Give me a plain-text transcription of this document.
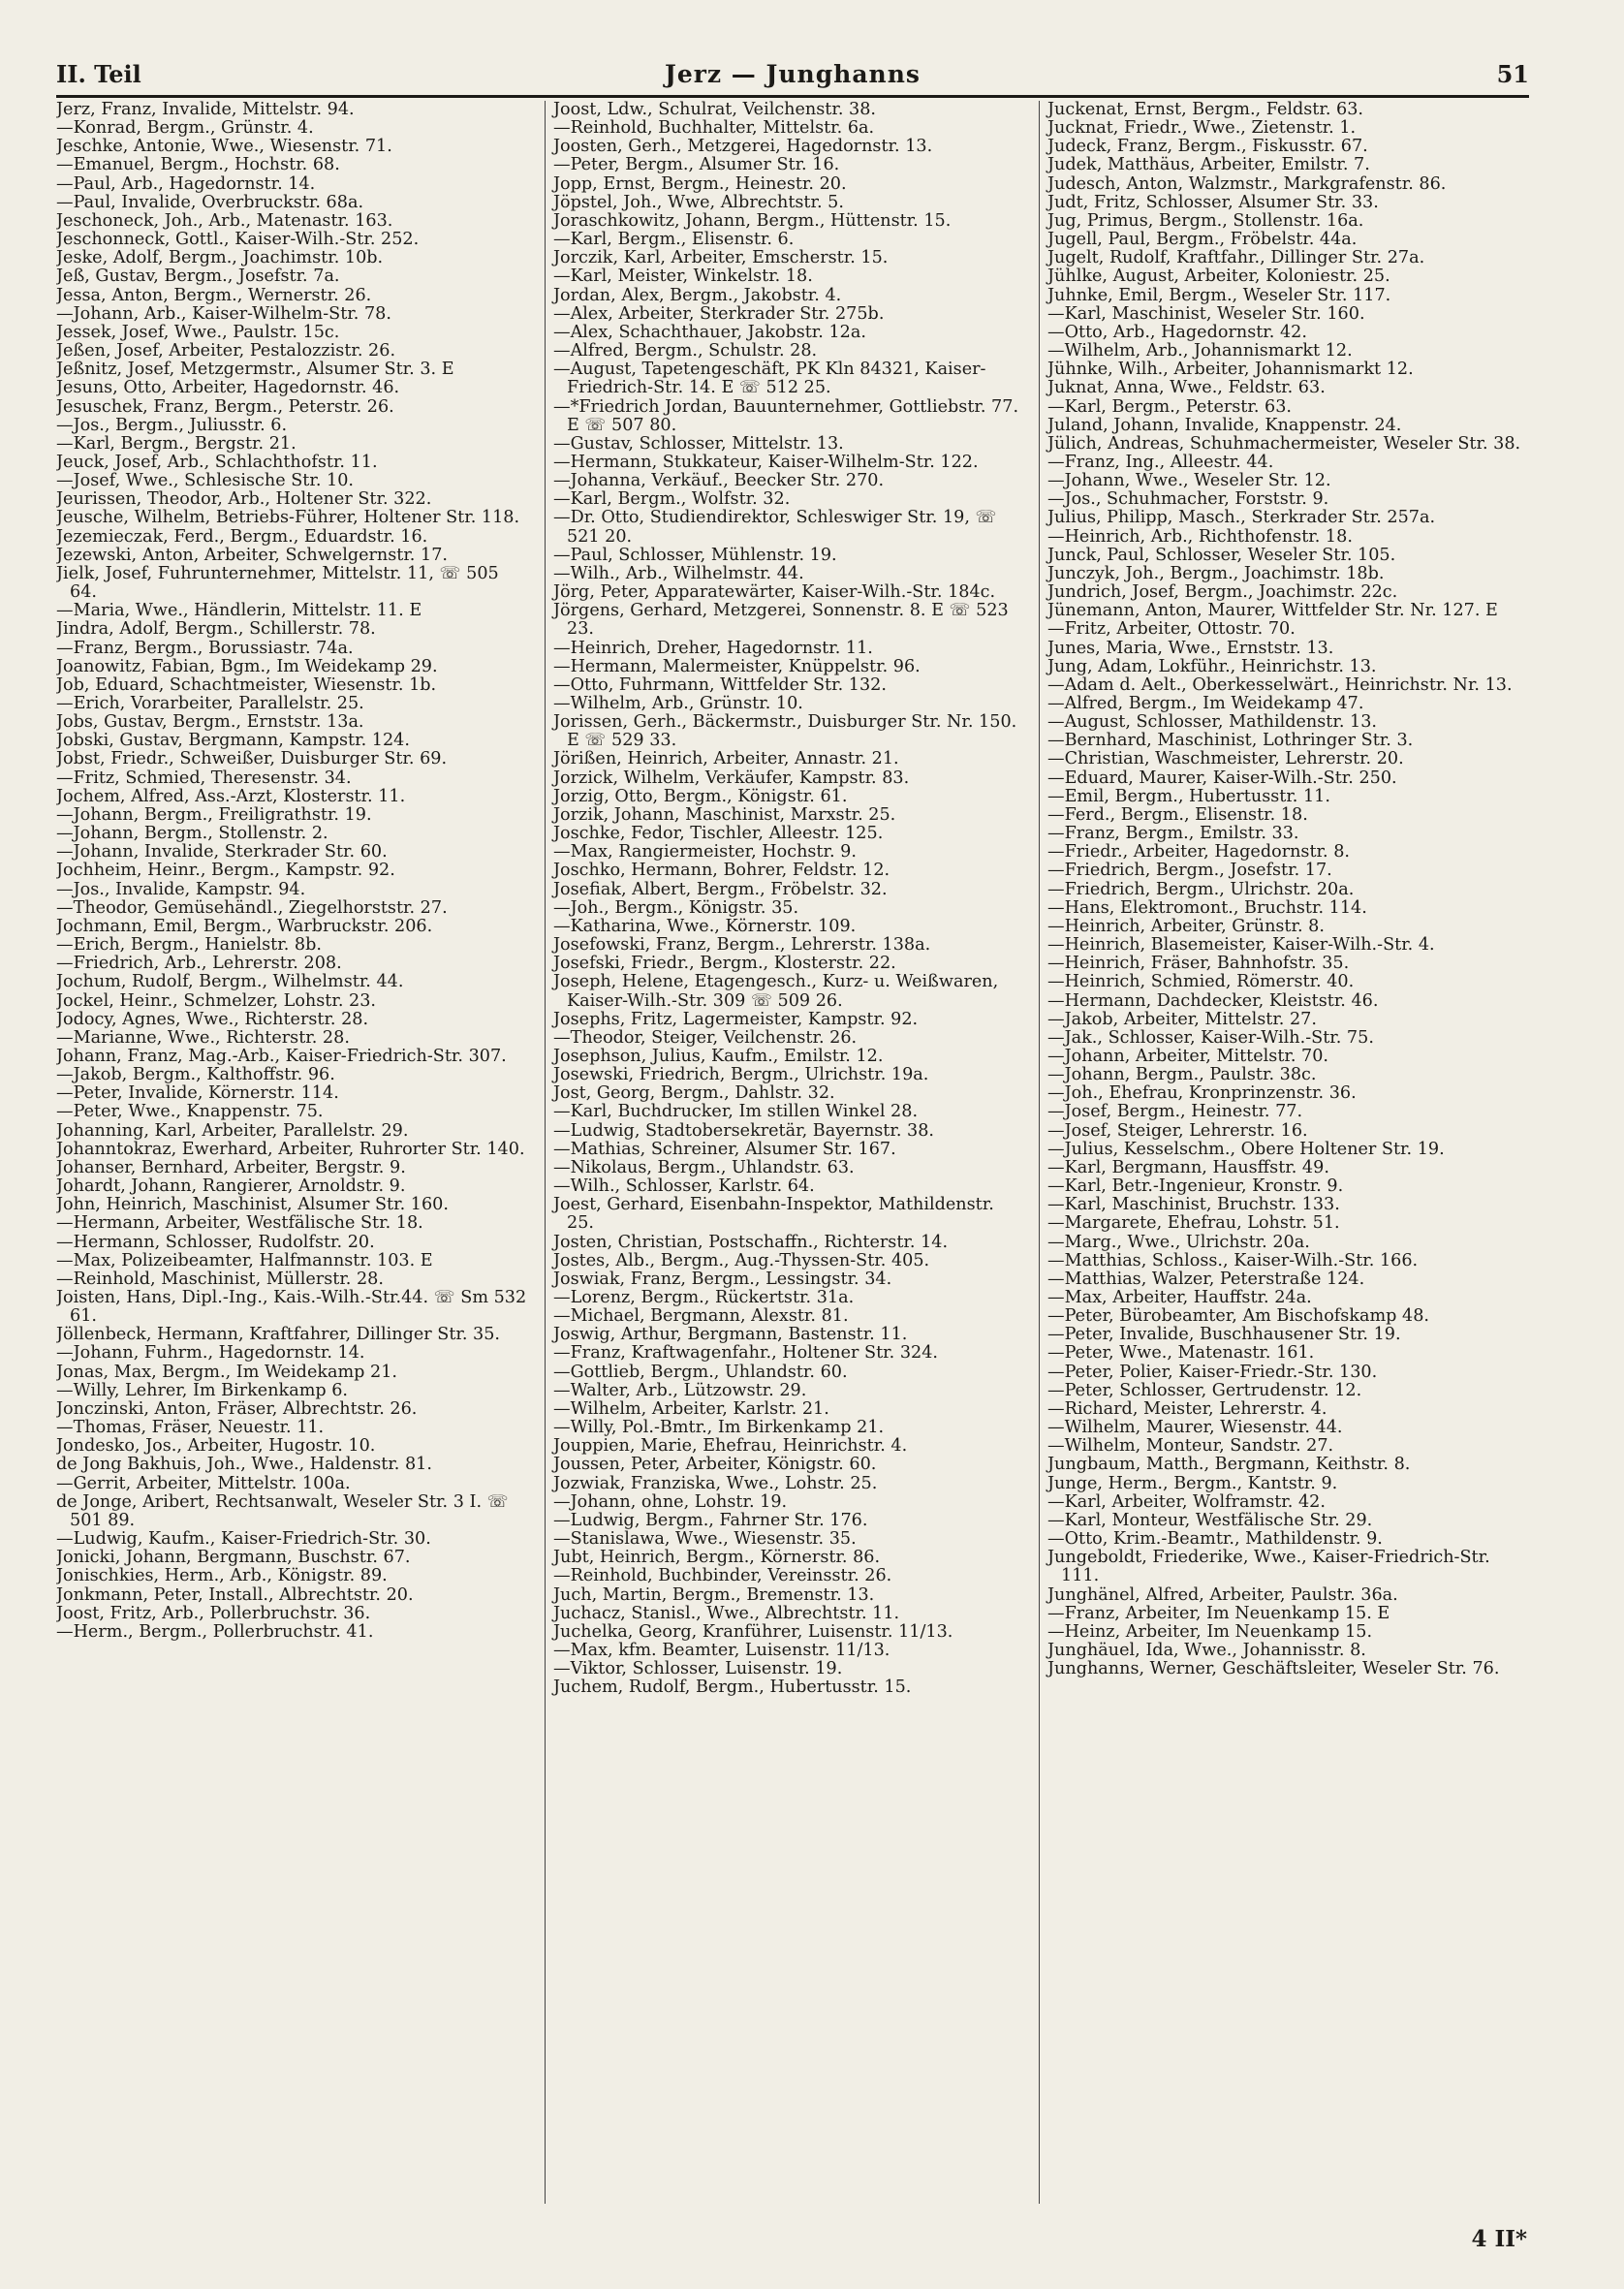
II. Teil	Jerz — Junghanns	51

Jerz, Franz, Invalide, Mittelstr. 94.

—Konrad, Bergm., Grünstr. 4.

Jeschke, Antonie, Wwe., Wiesenstr. 71.

—Emanuel, Bergm., Hochstr. 68.

—Paul, Arb., Hagedornstr. 14.

—Paul, Invalide, Overbruckstr. 68a.

Jeschoneck, Joh., Arb., Matenastr. 163.

Jeschonneck, Gottl., Kaiser-Wilh.-Str. 252.

Jeske, Adolf, Bergm., Joachimstr. 10b.

Jeß, Gustav, Bergm., Josefstr. 7a.

Jessa, Anton, Bergm., Wernerstr. 26.

—Johann, Arb., Kaiser-Wilhelm-Str. 78.

Jessek, Josef, Wwe., Paulstr. 15c.

Jeßen, Josef, Arbeiter, Pestalozzistr. 26.

Jeßnitz, Josef, Metzgermstr., Alsumer Str. 3. E

Jesuns, Otto, Arbeiter, Hagedornstr. 46.

Jesuschek, Franz, Bergm., Peterstr. 26.

—Jos., Bergm., Juliusstr. 6.

—Karl, Bergm., Bergstr. 21.

Jeuck, Josef, Arb., Schlachthofstr. 11.

—Josef, Wwe., Schlesische Str. 10.

Jeurissen, Theodor, Arb., Holtener Str. 322.

Jeusche, Wilhelm, Betriebs-Führer, Holtener Str. 118.

Jezemieczak, Ferd., Bergm., Eduardstr. 16.

Jezewski, Anton, Arbeiter, Schwelgernstr. 17.

Jielk, Josef, Fuhrunternehmer, Mittelstr. 11, ☏ 505 64.

—Maria, Wwe., Händlerin, Mittelstr. 11. E

Jindra, Adolf, Bergm., Schillerstr. 78.

—Franz, Bergm., Borussiastr. 74a.

Joanowitz, Fabian, Bgm., Im Weidekamp 29.

Job, Eduard, Schachtmeister, Wiesenstr. 1b.

—Erich, Vorarbeiter, Parallelstr. 25.

Jobs, Gustav, Bergm., Ernststr. 13a.

Jobski, Gustav, Bergmann, Kampstr. 124.

Jobst, Friedr., Schweißer, Duisburger Str. 69.

—Fritz, Schmied, Theresenstr. 34.

Jochem, Alfred, Ass.-Arzt, Klosterstr. 11.

—Johann, Bergm., Freiligrathstr. 19.

—Johann, Bergm., Stollenstr. 2.

—Johann, Invalide, Sterkrader Str. 60.

Jochheim, Heinr., Bergm., Kampstr. 92.

—Jos., Invalide, Kampstr. 94.

—Theodor, Gemüsehändl., Ziegelhorststr. 27.

Jochmann, Emil, Bergm., Warbruckstr. 206.

—Erich, Bergm., Hanielstr. 8b.

—Friedrich, Arb., Lehrerstr. 208.

Jochum, Rudolf, Bergm., Wilhelmstr. 44.

Jockel, Heinr., Schmelzer, Lohstr. 23.

Jodocy, Agnes, Wwe., Richterstr. 28.

—Marianne, Wwe., Richterstr. 28.

Johann, Franz, Mag.-Arb., Kaiser-Friedrich-Str. 307.

—Jakob, Bergm., Kalthoffstr. 96.

—Peter, Invalide, Körnerstr. 114.

—Peter, Wwe., Knappenstr. 75.

Johanning, Karl, Arbeiter, Parallelstr. 29.

Johanntokraz, Ewerhard, Arbeiter, Ruhrorter Str. 140.

Johanser, Bernhard, Arbeiter, Bergstr. 9.

Johardt, Johann, Rangierer, Arnoldstr. 9.

John, Heinrich, Maschinist, Alsumer Str. 160.

—Hermann, Arbeiter, Westfälische Str. 18.

—Hermann, Schlosser, Rudolfstr. 20.

—Max, Polizeibeamter, Halfmannstr. 103. E

—Reinhold, Maschinist, Müllerstr. 28.

Joisten, Hans, Dipl.-Ing., Kais.-Wilh.-Str.44. ☏ Sm 532 61.

Jöllenbeck, Hermann, Kraftfahrer, Dillinger Str. 35.

—Johann, Fuhrm., Hagedornstr. 14.

Jonas, Max, Bergm., Im Weidekamp 21.

—Willy, Lehrer, Im Birkenkamp 6.

Jonczinski, Anton, Fräser, Albrechtstr. 26.

—Thomas, Fräser, Neuestr. 11.

Jondesko, Jos., Arbeiter, Hugostr. 10.

de Jong Bakhuis, Joh., Wwe., Haldenstr. 81.

—Gerrit, Arbeiter, Mittelstr. 100a.

de Jonge, Aribert, Rechtsanwalt, Weseler Str. 3 I. ☏ 501 89.

—Ludwig, Kaufm., Kaiser-Friedrich-Str. 30.

Jonicki, Johann, Bergmann, Buschstr. 67.

Jonischkies, Herm., Arb., Königstr. 89.

Jonkmann, Peter, Install., Albrechtstr. 20.

Joost, Fritz, Arb., Pollerbruchstr. 36.

—Herm., Bergm., Pollerbruchstr. 41.

Joost, Ldw., Schulrat, Veilchenstr. 38.

—Reinhold, Buchhalter, Mittelstr. 6a.

Joosten, Gerh., Metzgerei, Hagedornstr. 13.

—Peter, Bergm., Alsumer Str. 16.

Jopp, Ernst, Bergm., Heinestr. 20.

Jöpstel, Joh., Wwe, Albrechtstr. 5.

Joraschkowitz, Johann, Bergm., Hüttenstr. 15.

—Karl, Bergm., Elisenstr. 6.

Jorczik, Karl, Arbeiter, Emscherstr. 15.

—Karl, Meister, Winkelstr. 18.

Jordan, Alex, Bergm., Jakobstr. 4.

—Alex, Arbeiter, Sterkrader Str. 275b.

—Alex, Schachthauer, Jakobstr. 12a.

—Alfred, Bergm., Schulstr. 28.

—August, Tapetengeschäft, PK Kln 84321, Kaiser-Friedrich-Str. 14. E ☏ 512 25.

—*Friedrich Jordan, Bauunternehmer, Gottliebstr. 77. E ☏ 507 80.

—Gustav, Schlosser, Mittelstr. 13.

—Hermann, Stukkateur, Kaiser-Wilhelm-Str. 122.

—Johanna, Verkäuf., Beecker Str. 270.

—Karl, Bergm., Wolfstr. 32.

—Dr. Otto, Studiendirektor, Schleswiger Str. 19, ☏ 521 20.

—Paul, Schlosser, Mühlenstr. 19.

—Wilh., Arb., Wilhelmstr. 44.

Jörg, Peter, Apparatewärter, Kaiser-Wilh.-Str. 184c.

Jörgens, Gerhard, Metzgerei, Sonnenstr. 8. E ☏ 523 23.

—Heinrich, Dreher, Hagedornstr. 11.

—Hermann, Malermeister, Knüppelstr. 96.

—Otto, Fuhrmann, Wittfelder Str. 132.

—Wilhelm, Arb., Grünstr. 10.

Jorissen, Gerh., Bäckermstr., Duisburger Str. Nr. 150. E ☏ 529 33.

Jörißen, Heinrich, Arbeiter, Annastr. 21.

Jorzick, Wilhelm, Verkäufer, Kampstr. 83.

Jorzig, Otto, Bergm., Königstr. 61.

Jorzik, Johann, Maschinist, Marxstr. 25.

Joschke, Fedor, Tischler, Alleestr. 125.

—Max, Rangiermeister, Hochstr. 9.

Joschko, Hermann, Bohrer, Feldstr. 12.

Josefiak, Albert, Bergm., Fröbelstr. 32.

—Joh., Bergm., Königstr. 35.

—Katharina, Wwe., Körnerstr. 109.

Josefowski, Franz, Bergm., Lehrerstr. 138a.

Josefski, Friedr., Bergm., Klosterstr. 22.

Joseph, Helene, Etagengesch., Kurz- u. Weißwaren, Kaiser-Wilh.-Str. 309 ☏ 509 26.

Josephs, Fritz, Lagermeister, Kampstr. 92.

—Theodor, Steiger, Veilchenstr. 26.

Josephson, Julius, Kaufm., Emilstr. 12.

Josewski, Friedrich, Bergm., Ulrichstr. 19a.

Jost, Georg, Bergm., Dahlstr. 32.

—Karl, Buchdrucker, Im stillen Winkel 28.

—Ludwig, Stadtobersekretär, Bayernstr. 38.

—Mathias, Schreiner, Alsumer Str. 167.

—Nikolaus, Bergm., Uhlandstr. 63.

—Wilh., Schlosser, Karlstr. 64.

Joest, Gerhard, Eisenbahn-Inspektor, Mathildenstr. 25.

Josten, Christian, Postschaffn., Richterstr. 14.

Jostes, Alb., Bergm., Aug.-Thyssen-Str. 405.

Joswiak, Franz, Bergm., Lessingstr. 34.

—Lorenz, Bergm., Rückertstr. 31a.

—Michael, Bergmann, Alexstr. 81.

Joswig, Arthur, Bergmann, Bastenstr. 11.

—Franz, Kraftwagenfahr., Holtener Str. 324.

—Gottlieb, Bergm., Uhlandstr. 60.

—Walter, Arb., Lützowstr. 29.

—Wilhelm, Arbeiter, Karlstr. 21.

—Willy, Pol.-Bmtr., Im Birkenkamp 21.

Jouppien, Marie, Ehefrau, Heinrichstr. 4.

Joussen, Peter, Arbeiter, Königstr. 60.

Jozwiak, Franziska, Wwe., Lohstr. 25.

—Johann, ohne, Lohstr. 19.

—Ludwig, Bergm., Fahrner Str. 176.

—Stanislawa, Wwe., Wiesenstr. 35.

Jubt, Heinrich, Bergm., Körnerstr. 86.

—Reinhold, Buchbinder, Vereinsstr. 26.

Juch, Martin, Bergm., Bremenstr. 13.

Juchacz, Stanisl., Wwe., Albrechtstr. 11.

Juchelka, Georg, Kranführer, Luisenstr. 11/13.

—Max, kfm. Beamter, Luisenstr. 11/13.

—Viktor, Schlosser, Luisenstr. 19.

Juchem, Rudolf, Bergm., Hubertusstr. 15.

Juckenat, Ernst, Bergm., Feldstr. 63.

Jucknat, Friedr., Wwe., Zietenstr. 1.

Judeck, Franz, Bergm., Fiskusstr. 67.

Judek, Matthäus, Arbeiter, Emilstr. 7.

Judesch, Anton, Walzmstr., Markgrafenstr. 86.

Judt, Fritz, Schlosser, Alsumer Str. 33.

Jug, Primus, Bergm., Stollenstr. 16a.

Jugell, Paul, Bergm., Fröbelstr. 44a.

Jugelt, Rudolf, Kraftfahr., Dillinger Str. 27a.

Jühlke, August, Arbeiter, Koloniestr. 25.

Juhnke, Emil, Bergm., Weseler Str. 117.

—Karl, Maschinist, Weseler Str. 160.

—Otto, Arb., Hagedornstr. 42.

—Wilhelm, Arb., Johannismarkt 12.

Jühnke, Wilh., Arbeiter, Johannismarkt 12.

Juknat, Anna, Wwe., Feldstr. 63.

—Karl, Bergm., Peterstr. 63.

Juland, Johann, Invalide, Knappenstr. 24.

Jülich, Andreas, Schuhmachermeister, Weseler Str. 38.

—Franz, Ing., Alleestr. 44.

—Johann, Wwe., Weseler Str. 12.

—Jos., Schuhmacher, Forststr. 9.

Julius, Philipp, Masch., Sterkrader Str. 257a.

—Heinrich, Arb., Richthofenstr. 18.

Junck, Paul, Schlosser, Weseler Str. 105.

Junczyk, Joh., Bergm., Joachimstr. 18b.

Jundrich, Josef, Bergm., Joachimstr. 22c.

Jünemann, Anton, Maurer, Wittfelder Str. Nr. 127. E

—Fritz, Arbeiter, Ottostr. 70.

Junes, Maria, Wwe., Ernststr. 13.

Jung, Adam, Lokführ., Heinrichstr. 13.

—Adam d. Aelt., Oberkesselwärt., Heinrichstr. Nr. 13.

—Alfred, Bergm., Im Weidekamp 47.

—August, Schlosser, Mathildenstr. 13.

—Bernhard, Maschinist, Lothringer Str. 3.

—Christian, Waschmeister, Lehrerstr. 20.

—Eduard, Maurer, Kaiser-Wilh.-Str. 250.

—Emil, Bergm., Hubertusstr. 11.

—Ferd., Bergm., Elisenstr. 18.

—Franz, Bergm., Emilstr. 33.

—Friedr., Arbeiter, Hagedornstr. 8.

—Friedrich, Bergm., Josefstr. 17.

—Friedrich, Bergm., Ulrichstr. 20a.

—Hans, Elektromont., Bruchstr. 114.

—Heinrich, Arbeiter, Grünstr. 8.

—Heinrich, Blasemeister, Kaiser-Wilh.-Str. 4.

—Heinrich, Fräser, Bahnhofstr. 35.

—Heinrich, Schmied, Römerstr. 40.

—Hermann, Dachdecker, Kleiststr. 46.

—Jakob, Arbeiter, Mittelstr. 27.

—Jak., Schlosser, Kaiser-Wilh.-Str. 75.

—Johann, Arbeiter, Mittelstr. 70.

—Johann, Bergm., Paulstr. 38c.

—Joh., Ehefrau, Kronprinzenstr. 36.

—Josef, Bergm., Heinestr. 77.

—Josef, Steiger, Lehrerstr. 16.

—Julius, Kesselschm., Obere Holtener Str. 19.

—Karl, Bergmann, Hausffstr. 49.

—Karl, Betr.-Ingenieur, Kronstr. 9.

—Karl, Maschinist, Bruchstr. 133.

—Margarete, Ehefrau, Lohstr. 51.

—Marg., Wwe., Ulrichstr. 20a.

—Matthias, Schloss., Kaiser-Wilh.-Str. 166.

—Matthias, Walzer, Peterstraße 124.

—Max, Arbeiter, Hauffstr. 24a.

—Peter, Bürobeamter, Am Bischofskamp 48.

—Peter, Invalide, Buschhausener Str. 19.

—Peter, Wwe., Matenastr. 161.

—Peter, Polier, Kaiser-Friedr.-Str. 130.

—Peter, Schlosser, Gertrudenstr. 12.

—Richard, Meister, Lehrerstr. 4.

—Wilhelm, Maurer, Wiesenstr. 44.

—Wilhelm, Monteur, Sandstr. 27.

Jungbaum, Matth., Bergmann, Keithstr. 8.

Junge, Herm., Bergm., Kantstr. 9.

—Karl, Arbeiter, Wolframstr. 42.

—Karl, Monteur, Westfälische Str. 29.

—Otto, Krim.-Beamtr., Mathildenstr. 9.

Jungeboldt, Friederike, Wwe., Kaiser-Friedrich-Str. 111.

Junghänel, Alfred, Arbeiter, Paulstr. 36a.

—Franz, Arbeiter, Im Neuenkamp 15. E

—Heinz, Arbeiter, Im Neuenkamp 15.

Junghäuel, Ida, Wwe., Johannisstr. 8.

Junghanns, Werner, Geschäftsleiter, Weseler Str. 76.

4 II*
